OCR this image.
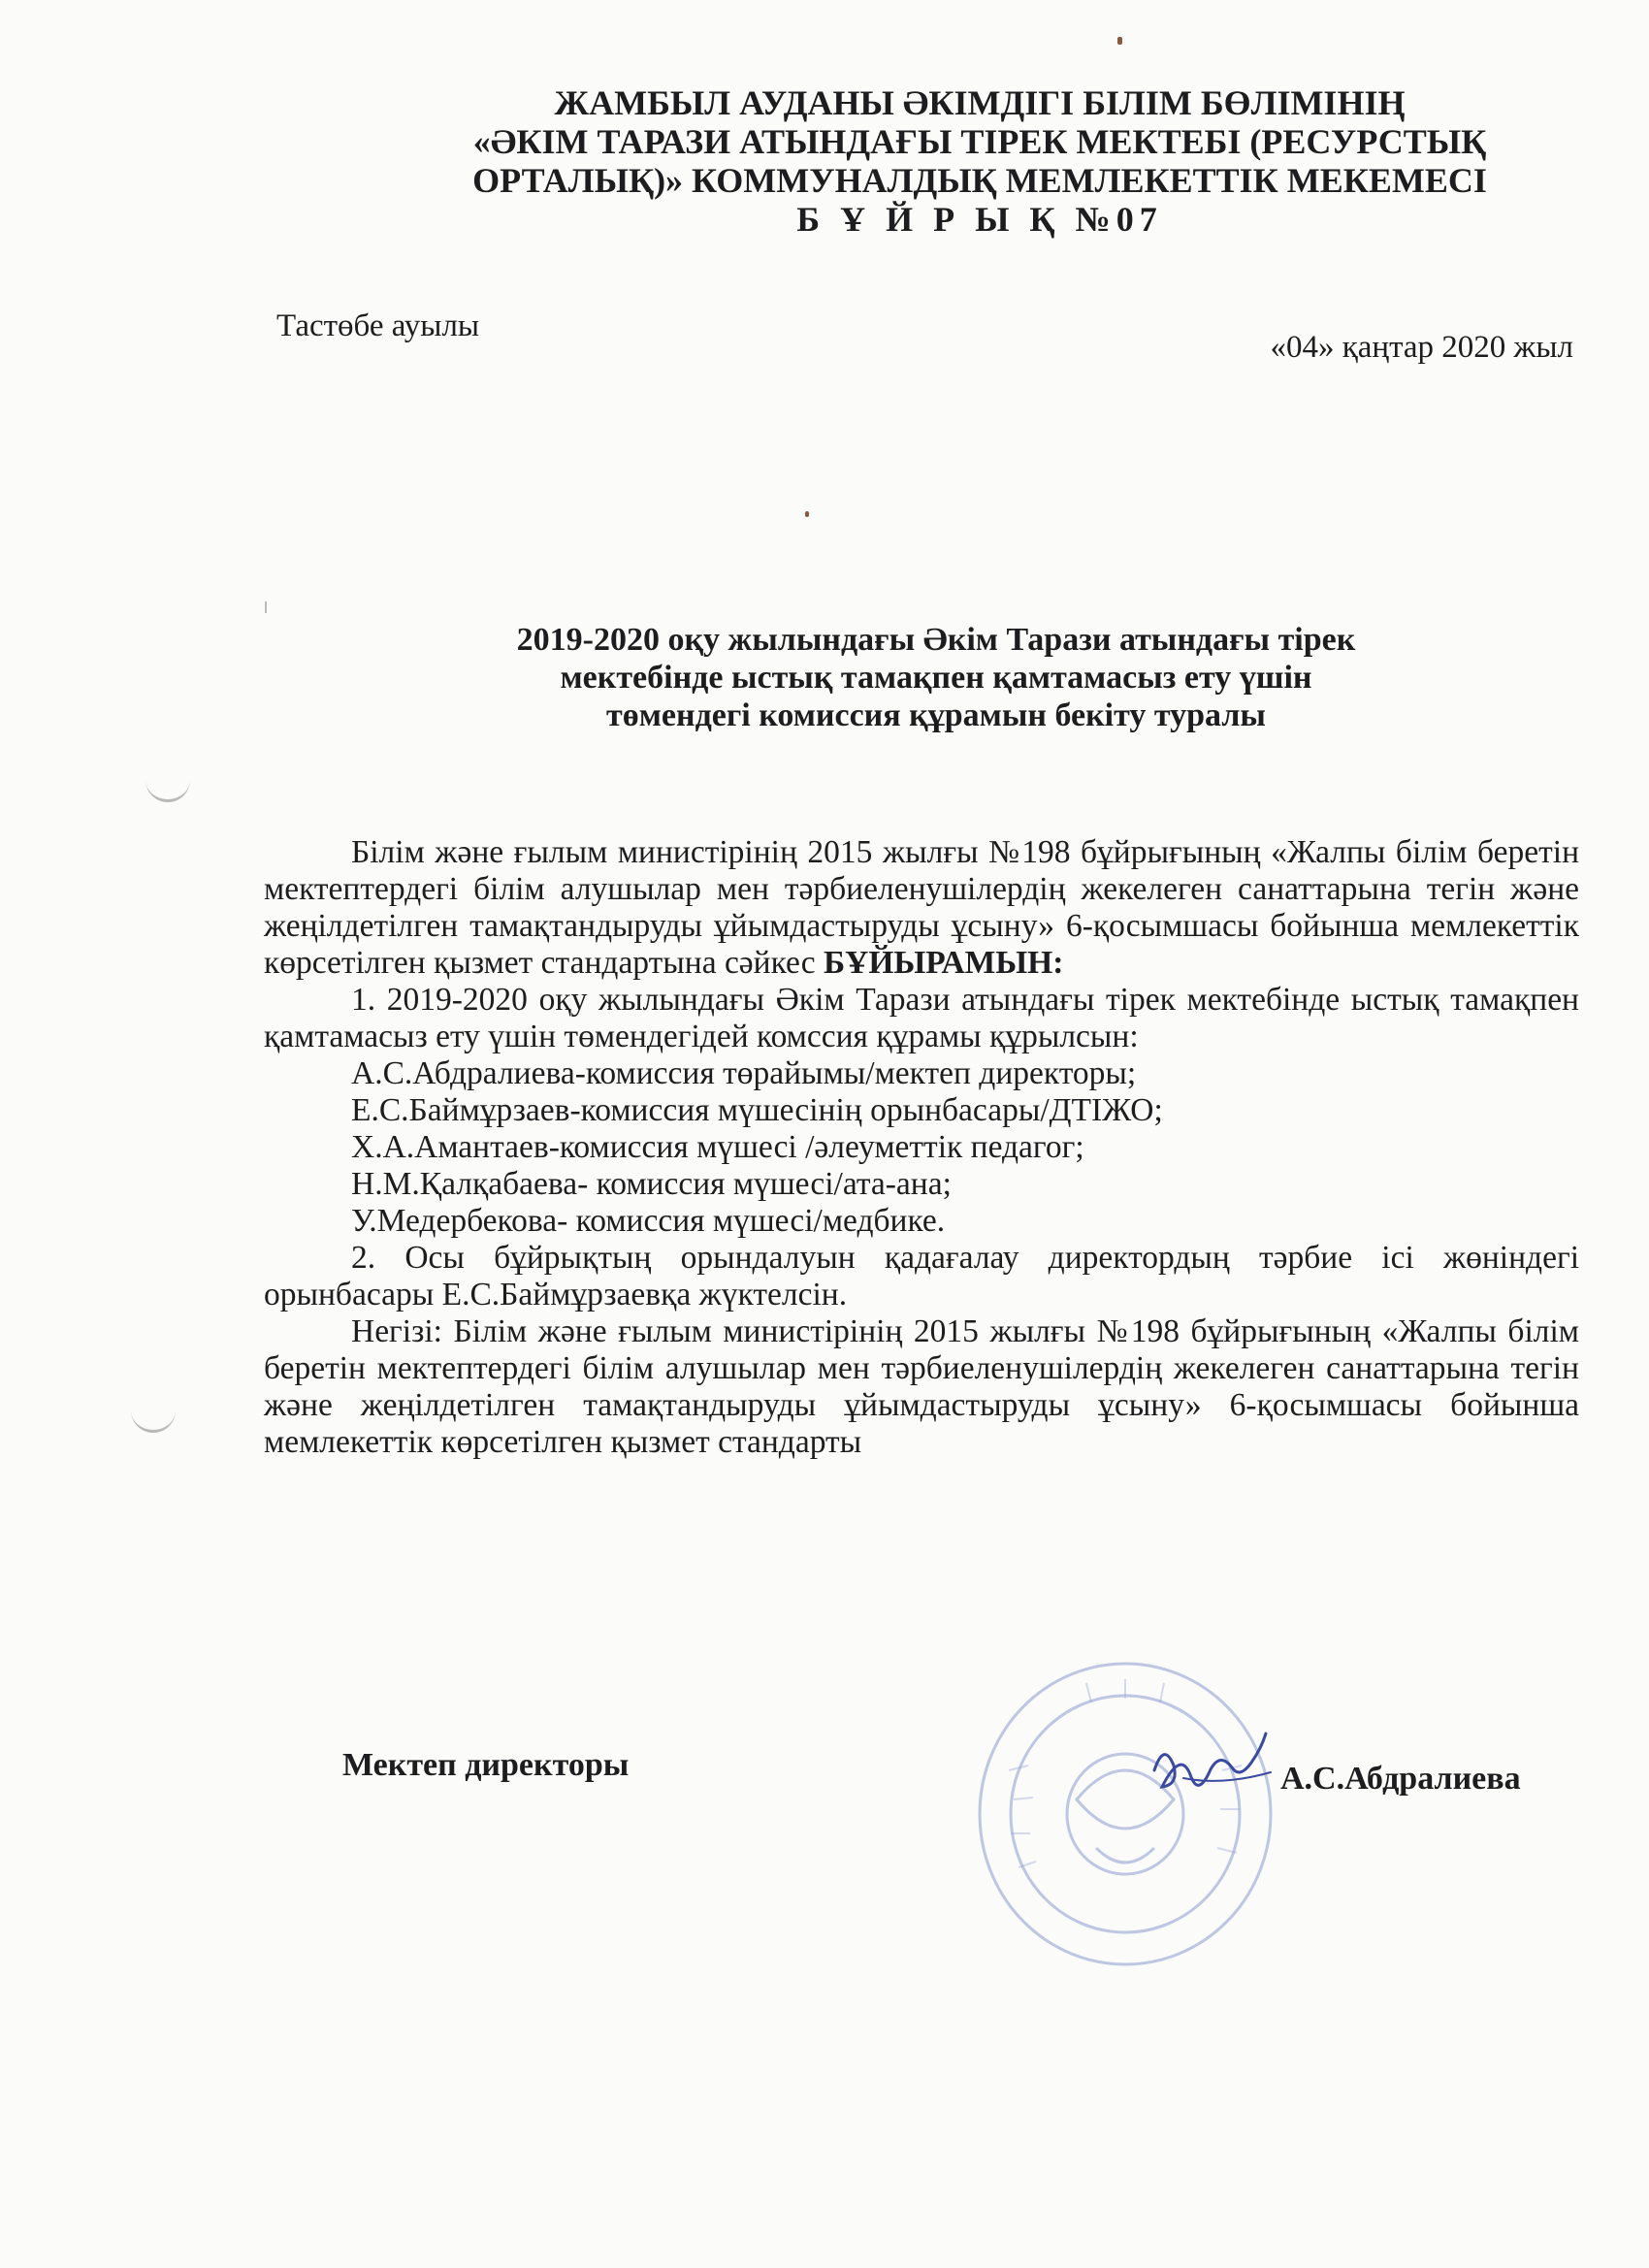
ЖАМБЫЛ АУДАНЫ ӘКІМДІГІ БІЛІМ БӨЛІМІНІҢ
«ӘКІМ ТАРАЗИ АТЫНДАҒЫ ТІРЕК МЕКТЕБІ (РЕСУРСТЫҚ
ОРТАЛЫҚ)» КОММУНАЛДЫҚ МЕМЛЕКЕТТІК МЕКЕМЕСІ
Б Ұ Й Р Ы Қ №07
Тастөбе ауылы
«04» қаңтар 2020 жыл
2019-2020 оқу жылындағы Әкім Тарази атындағы тірек
мектебінде ыстық тамақпен қамтамасыз ету үшін
төмендегі комиссия құрамын бекіту туралы

Білім және ғылым министірінің 2015 жылғы №198 бұйрығының «Жалпы білім беретін мектептердегі білім алушылар мен тәрбиеленушілердің жекелеген санаттарына тегін және жеңілдетілген тамақтандыруды ұйымдастыруды ұсыну» 6-қосымшасы бойынша мемлекеттік көрсетілген қызмет стандартына сәйкес БҰЙЫРАМЫН:

1. 2019-2020 оқу жылындағы Әкім Тарази атындағы тірек мектебінде ыстық тамақпен қамтамасыз ету үшін төмендегідей комссия құрамы құрылсын:

А.С.Абдралиева-комиссия төрайымы/мектеп директоры;
Е.С.Баймұрзаев-комиссия мүшесінің орынбасары/ДТІЖО;
Х.А.Амантаев-комиссия мүшесі /әлеуметтік педагог;
Н.М.Қалқабаева- комиссия мүшесі/ата-ана;
У.Медербекова- комиссия мүшесі/медбике.

2. Осы бұйрықтың орындалуын қадағалау директордың тәрбие ісі жөніндегі орынбасары Е.С.Баймұрзаевқа жүктелсін.

Негізі: Білім және ғылым министірінің 2015 жылғы №198 бұйрығының «Жалпы білім беретін мектептердегі білім алушылар мен тәрбиеленушілердің жекелеген санаттарына тегін және жеңілдетілген тамақтандыруды ұйымдастыруды ұсыну» 6-қосымшасы бойынша мемлекеттік көрсетілген қызмет стандарты

Мектеп директоры	А.С.Абдралиева
